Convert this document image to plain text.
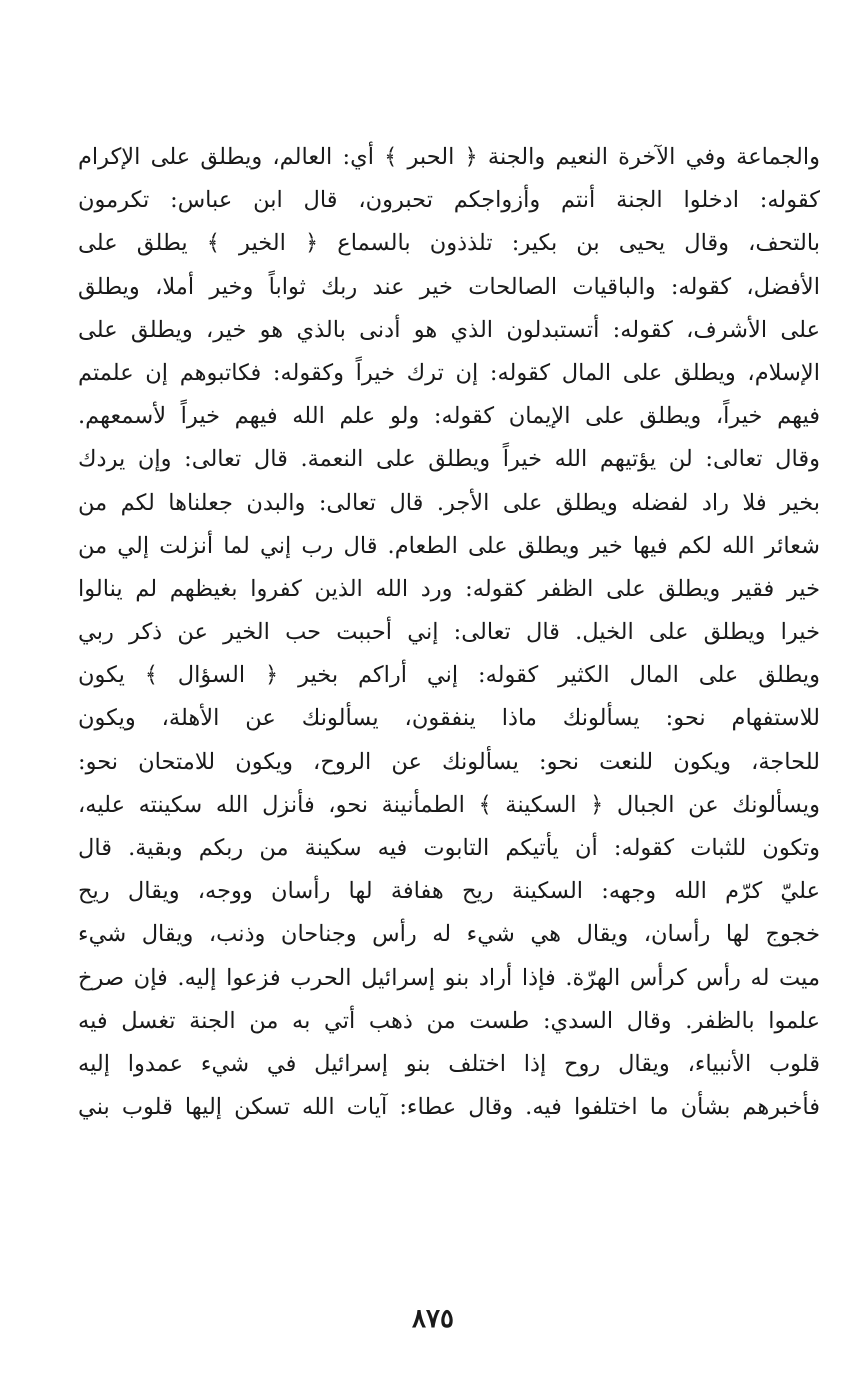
والجماعة وفي الآخرة النعيم والجنة ﴿ الحبر ﴾ أي: العالم، ويطلق على الإكرام
كقوله: ادخلوا الجنة أنتم وأزواجكم تحبرون، قال ابن عباس: تكرمون
بالتحف، وقال يحيى بن بكير: تلذذون بالسماع ﴿ الخير ﴾ يطلق على
الأفضل، كقوله: والباقيات الصالحات خير عند ربك ثواباً وخير أملا، ويطلق
على الأشرف، كقوله: أتستبدلون الذي هو أدنى بالذي هو خير، ويطلق على
الإسلام، ويطلق على المال كقوله: إن ترك خيراً وكقوله: فكاتبوهم إن علمتم
فيهم خيراً، ويطلق على الإيمان كقوله: ولو علم الله فيهم خيراً لأسمعهم.
وقال تعالى: لن يؤتيهم الله خيراً ويطلق على النعمة. قال تعالى: وإن يردك
بخير فلا راد لفضله ويطلق على الأجر. قال تعالى: والبدن جعلناها لكم من
شعائر الله لكم فيها خير ويطلق على الطعام. قال رب إني لما أنزلت إلي من
خير فقير ويطلق على الظفر كقوله: ورد الله الذين كفروا بغيظهم لم ينالوا
خيرا ويطلق على الخيل. قال تعالى: إني أحببت حب الخير عن ذكر ربي
ويطلق على المال الكثير كقوله: إني أراكم بخير ﴿ السؤال ﴾ يكون
للاستفهام نحو: يسألونك ماذا ينفقون، يسألونك عن الأهلة، ويكون
للحاجة، ويكون للنعت نحو: يسألونك عن الروح، ويكون للامتحان نحو:
ويسألونك عن الجبال ﴿ السكينة ﴾ الطمأنينة نحو، فأنزل الله سكينته عليه،
وتكون للثبات كقوله: أن يأتيكم التابوت فيه سكينة من ربكم وبقية. قال
عليّ كرّم الله وجهه: السكينة ريح هفافة لها رأسان ووجه، ويقال ريح
خجوج لها رأسان، ويقال هي شيء له رأس وجناحان وذنب، ويقال شيء
ميت له رأس كرأس الهرّة. فإذا أراد بنو إسرائيل الحرب فزعوا إليه. فإن صرخ
علموا بالظفر. وقال السدي: طست من ذهب أتي به من الجنة تغسل فيه
قلوب الأنبياء، ويقال روح إذا اختلف بنو إسرائيل في شيء عمدوا إليه
فأخبرهم بشأن ما اختلفوا فيه. وقال عطاء: آيات الله تسكن إليها قلوب بني
٨٧٥
